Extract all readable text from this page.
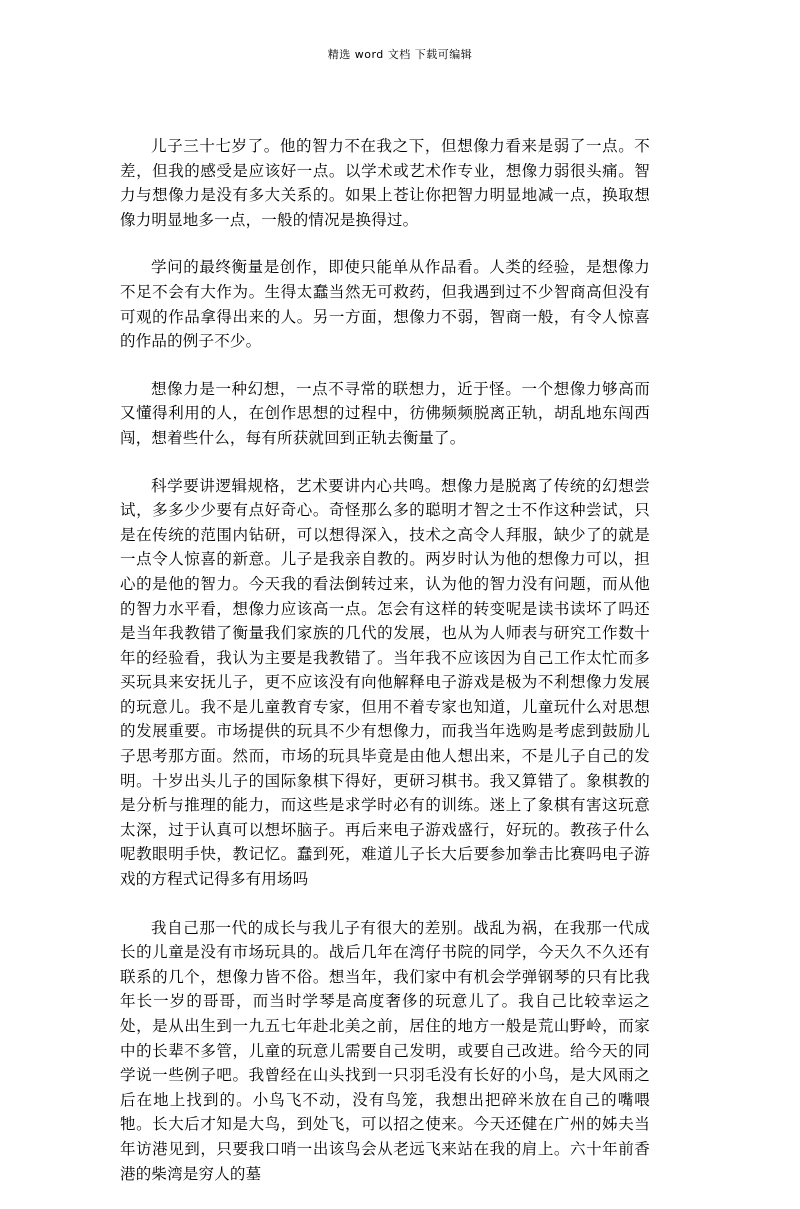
精选 word 文档 下载可编辑

儿子三十七岁了。他的智力不在我之下，但想像力看来是弱了一点。不差，但我的感受是应该好一点。以学术或艺术作专业，想像力弱很头痛。智力与想像力是没有多大关系的。如果上苍让你把智力明显地减一点，换取想像力明显地多一点，一般的情况是换得过。

学问的最终衡量是创作，即使只能单从作品看。人类的经验，是想像力不足不会有大作为。生得太蠢当然无可救药，但我遇到过不少智商高但没有可观的作品拿得出来的人。另一方面，想像力不弱，智商一般，有令人惊喜的作品的例子不少。

想像力是一种幻想，一点不寻常的联想力，近于怪。一个想像力够高而又懂得利用的人，在创作思想的过程中，彷佛频频脱离正轨，胡乱地东闯西闯，想着些什么，每有所获就回到正轨去衡量了。

科学要讲逻辑规格，艺术要讲内心共鸣。想像力是脱离了传统的幻想尝试，多多少少要有点好奇心。奇怪那么多的聪明才智之士不作这种尝试，只是在传统的范围内钻研，可以想得深入，技术之高令人拜服，缺少了的就是一点令人惊喜的新意。儿子是我亲自教的。两岁时认为他的想像力可以，担心的是他的智力。今天我的看法倒转过来，认为他的智力没有问题，而从他的智力水平看，想像力应该高一点。怎会有这样的转变呢是读书读坏了吗还是当年我教错了衡量我们家族的几代的发展，也从为人师表与研究工作数十年的经验看，我认为主要是我教错了。当年我不应该因为自己工作太忙而多买玩具来安抚儿子，更不应该没有向他解释电子游戏是极为不利想像力发展的玩意儿。我不是儿童教育专家，但用不着专家也知道，儿童玩什么对思想的发展重要。市场提供的玩具不少有想像力，而我当年选购是考虑到鼓励儿子思考那方面。然而，市场的玩具毕竟是由他人想出来，不是儿子自己的发明。十岁出头儿子的国际象棋下得好，更研习棋书。我又算错了。象棋教的是分析与推理的能力，而这些是求学时必有的训练。迷上了象棋有害这玩意太深，过于认真可以想坏脑子。再后来电子游戏盛行，好玩的。教孩子什么呢教眼明手快，教记忆。蠢到死，难道儿子长大后要参加拳击比赛吗电子游戏的方程式记得多有用场吗

我自己那一代的成长与我儿子有很大的差别。战乱为祸，在我那一代成长的儿童是没有市场玩具的。战后几年在湾仔书院的同学，今天久不久还有联系的几个，想像力皆不俗。想当年，我们家中有机会学弹钢琴的只有比我年长一岁的哥哥，而当时学琴是高度奢侈的玩意儿了。我自己比较幸运之处，是从出生到一九五七年赴北美之前，居住的地方一般是荒山野岭，而家中的长辈不多管，儿童的玩意儿需要自己发明，或要自己改进。给今天的同学说一些例子吧。我曾经在山头找到一只羽毛没有长好的小鸟，是大风雨之后在地上找到的。小鸟飞不动，没有鸟笼，我想出把碎米放在自己的嘴喂牠。长大后才知是大鸟，到处飞，可以招之使来。今天还健在广州的姊夫当年访港见到，只要我口哨一出该鸟会从老远飞来站在我的肩上。六十年前香港的柴湾是穷人的墓
